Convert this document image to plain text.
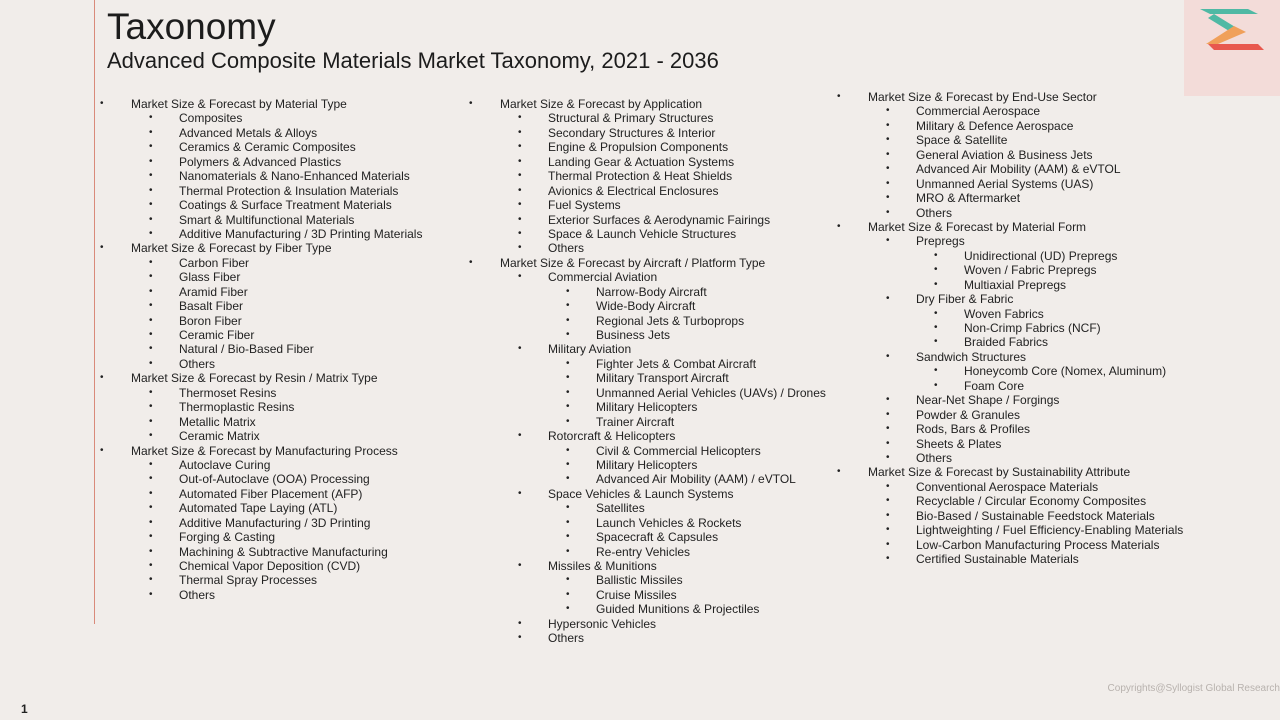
Taxonomy
Advanced Composite Materials Market Taxonomy, 2021 - 2036
• Market Size & Forecast by Material Type
• Composites
• Advanced Metals & Alloys
• Ceramics & Ceramic Composites
• Polymers & Advanced Plastics
• Nanomaterials & Nano-Enhanced Materials
• Thermal Protection & Insulation Materials
• Coatings & Surface Treatment Materials
• Smart & Multifunctional Materials
• Additive Manufacturing / 3D Printing Materials
• Market Size & Forecast by Fiber Type
• Carbon Fiber
• Glass Fiber
• Aramid Fiber
• Basalt Fiber
• Boron Fiber
• Ceramic Fiber
• Natural / Bio-Based Fiber
• Others
• Market Size & Forecast by Resin / Matrix Type
• Thermoset Resins
• Thermoplastic Resins
• Metallic Matrix
• Ceramic Matrix
• Market Size & Forecast by Manufacturing Process
• Autoclave Curing
• Out-of-Autoclave (OOA) Processing
• Automated Fiber Placement (AFP)
• Automated Tape Laying (ATL)
• Additive Manufacturing / 3D Printing
• Forging & Casting
• Machining & Subtractive Manufacturing
• Chemical Vapor Deposition (CVD)
• Thermal Spray Processes
• Others
• Market Size & Forecast by Application
• Structural & Primary Structures
• Secondary Structures & Interior
• Engine & Propulsion Components
• Landing Gear & Actuation Systems
• Thermal Protection & Heat Shields
• Avionics & Electrical Enclosures
• Fuel Systems
• Exterior Surfaces & Aerodynamic Fairings
• Space & Launch Vehicle Structures
• Others
• Market Size & Forecast by Aircraft / Platform Type
• Commercial Aviation
• Narrow-Body Aircraft
• Wide-Body Aircraft
• Regional Jets & Turboprops
• Business Jets
• Military Aviation
• Fighter Jets & Combat Aircraft
• Military Transport Aircraft
• Unmanned Aerial Vehicles (UAVs) / Drones
• Military Helicopters
• Trainer Aircraft
• Rotorcraft & Helicopters
• Civil & Commercial Helicopters
• Military Helicopters
• Advanced Air Mobility (AAM) / eVTOL
• Space Vehicles & Launch Systems
• Satellites
• Launch Vehicles & Rockets
• Spacecraft & Capsules
• Re-entry Vehicles
• Missiles & Munitions
• Ballistic Missiles
• Cruise Missiles
• Guided Munitions & Projectiles
• Hypersonic Vehicles
• Others
• Market Size & Forecast by End-Use Sector
• Commercial Aerospace
• Military & Defence Aerospace
• Space & Satellite
• General Aviation & Business Jets
• Advanced Air Mobility (AAM) & eVTOL
• Unmanned Aerial Systems (UAS)
• MRO & Aftermarket
• Others
• Market Size & Forecast by Material Form
• Prepregs
• Unidirectional (UD) Prepregs
• Woven / Fabric Prepregs
• Multiaxial Prepregs
• Dry Fiber & Fabric
• Woven Fabrics
• Non-Crimp Fabrics (NCF)
• Braided Fabrics
• Sandwich Structures
• Honeycomb Core (Nomex, Aluminum)
• Foam Core
• Near-Net Shape / Forgings
• Powder & Granules
• Rods, Bars & Profiles
• Sheets & Plates
• Others
• Market Size & Forecast by Sustainability Attribute
• Conventional Aerospace Materials
• Recyclable / Circular Economy Composites
• Bio-Based / Sustainable Feedstock Materials
• Lightweighting / Fuel Efficiency-Enabling Materials
• Low-Carbon Manufacturing Process Materials
• Certified Sustainable Materials
1
Copyrights@Syllogist Global Research
